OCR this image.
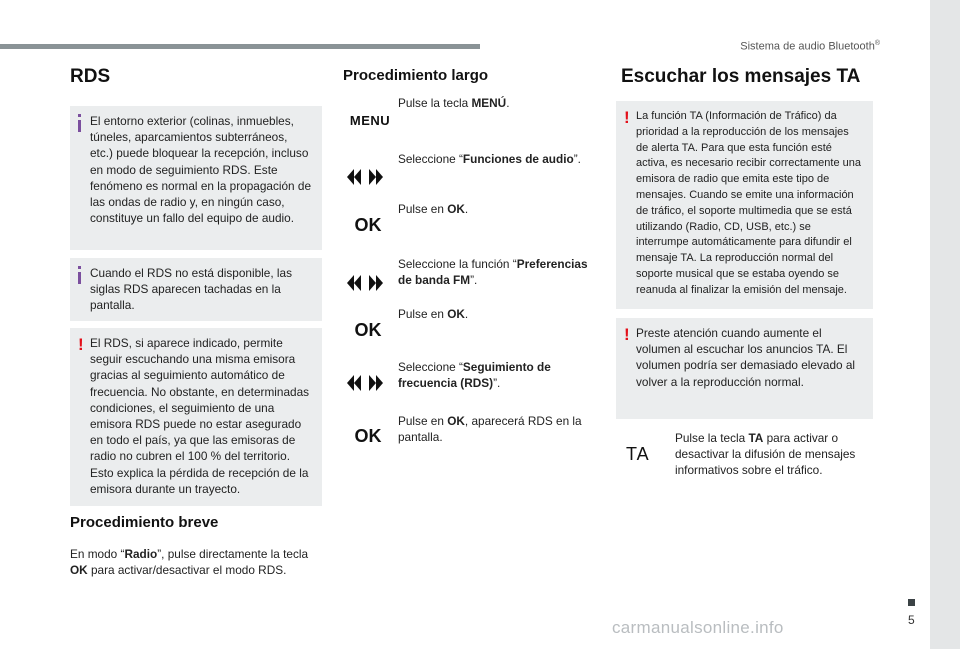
Sistema de audio Bluetooth®
RDS

El entorno exterior (colinas, inmuebles, túneles, aparcamientos subterráneos, etc.) puede bloquear la recepción, incluso en modo de seguimiento RDS. Este fenómeno es normal en la propagación de las ondas de radio y, en ningún caso, constituye un fallo del equipo de audio.

Cuando el RDS no está disponible, las siglas RDS aparecen tachadas en la pantalla.

! El RDS, si aparece indicado, permite seguir escuchando una misma emisora gracias al seguimiento automático de frecuencia. No obstante, en determinadas condiciones, el seguimiento de una emisora RDS puede no estar asegurado en todo el país, ya que las emisoras de radio no cubren el 100 % del territorio. Esto explica la pérdida de recepción de la emisora durante un trayecto.

Procedimiento breve
En modo “Radio”, pulse directamente la tecla OK para activar/desactivar el modo RDS.
Procedimiento largo
MENU
Pulse la tecla MENÚ.
Seleccione “Funciones de audio”.
OK
Pulse en OK.
Seleccione la función “Preferencias de banda FM”.
OK
Pulse en OK.
Seleccione “Seguimiento de frecuencia (RDS)”.
OK
Pulse en OK, aparecerá RDS en la pantalla.
Escuchar los mensajes TA
! La función TA (Información de Tráfico) da prioridad a la reproducción de los mensajes de alerta TA. Para que esta función esté activa, es necesario recibir correctamente una emisora de radio que emita este tipo de mensajes. Cuando se emite una información de tráfico, el soporte multimedia que se está utilizando (Radio, CD, USB, etc.) se interrumpe automáticamente para difundir el mensaje TA. La reproducción normal del soporte musical que se estaba oyendo se reanuda al finalizar la emisión del mensaje.

! Preste atención cuando aumente el volumen al escuchar los anuncios TA. El volumen podría ser demasiado elevado al volver a la reproducción normal.

TA
Pulse la tecla TA para activar o desactivar la difusión de mensajes informativos sobre el tráfico.
5
carmanualsonline.info
